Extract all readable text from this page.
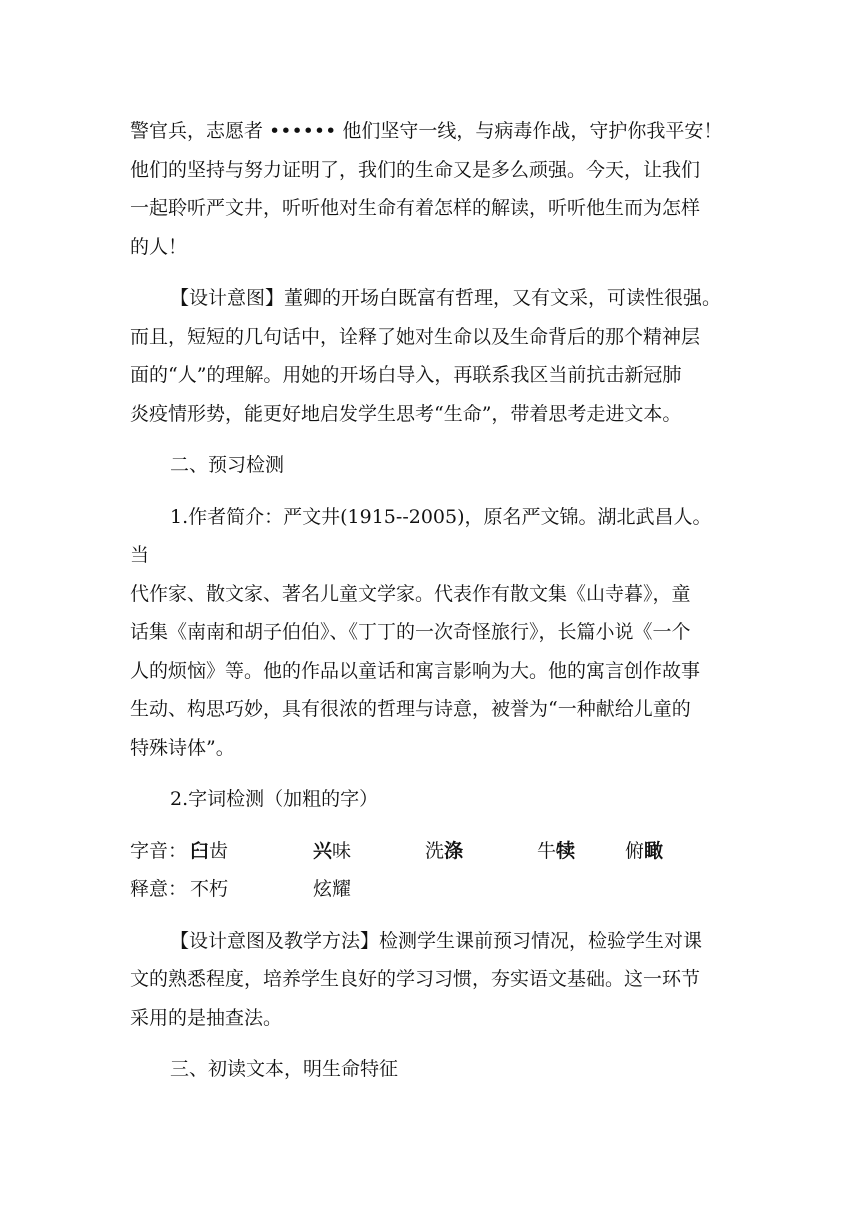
警官兵，志愿者 •••••• 他们坚守一线，与病毒作战，守护你我平安！
他们的坚持与努力证明了，我们的生命又是多么顽强。今天，让我们
一起聆听严文井，听听他对生命有着怎样的解读，听听他生而为怎样
的人！

【设计意图】董卿的开场白既富有哲理，又有文采，可读性很强。
而且，短短的几句话中，诠释了她对生命以及生命背后的那个精神层
面的“人”的理解。用她的开场白导入，再联系我区当前抗击新冠肺
炎疫情形势，能更好地启发学生思考“生命”，带着思考走进文本。

二、预习检测

1.作者简介：严文井(1915--2005)，原名严文锦。湖北武昌人。当
代作家、散文家、著名儿童文学家。代表作有散文集《山寺暮》，童
话集《南南和胡子伯伯》、《丁丁的一次奇怪旅行》，长篇小说《一个
人的烦恼》等。他的作品以童话和寓言影响为大。他的寓言创作故事
生动、构思巧妙，具有很浓的哲理与诗意，被誉为“一种献给儿童的
特殊诗体”。

2.字词检测（加粗的字）

字音： 臼齿	兴味	洗涤	牛犊	俯瞰

释意： 不朽	炫耀

【设计意图及教学方法】检测学生课前预习情况，检验学生对课
文的熟悉程度，培养学生良好的学习习惯，夯实语文基础。这一环节
采用的是抽查法。

三、初读文本，明生命特征
